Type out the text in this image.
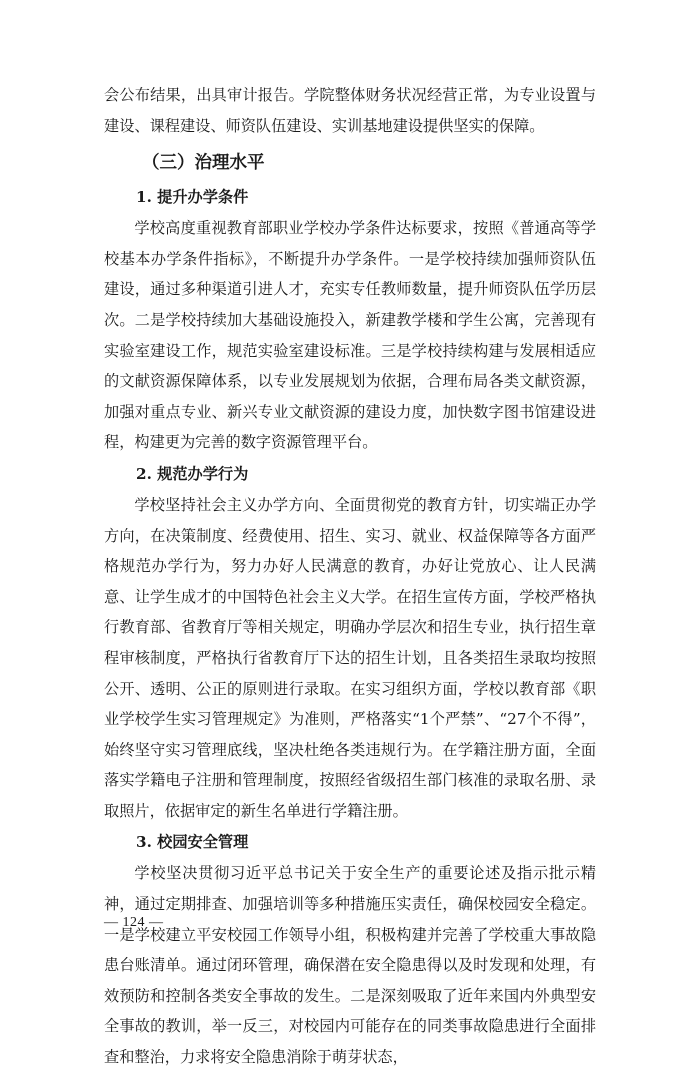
会公布结果，出具审计报告。学院整体财务状况经营正常，为专业设置与建设、课程建设、师资队伍建设、实训基地建设提供坚实的保障。

（三）治理水平
1. 提升办学条件

学校高度重视教育部职业学校办学条件达标要求，按照《普通高等学校基本办学条件指标》，不断提升办学条件。一是学校持续加强师资队伍建设，通过多种渠道引进人才，充实专任教师数量，提升师资队伍学历层次。二是学校持续加大基础设施投入，新建教学楼和学生公寓，完善现有实验室建设工作，规范实验室建设标准。三是学校持续构建与发展相适应的文献资源保障体系，以专业发展规划为依据，合理布局各类文献资源，加强对重点专业、新兴专业文献资源的建设力度，加快数字图书馆建设进程，构建更为完善的数字资源管理平台。

2. 规范办学行为

学校坚持社会主义办学方向、全面贯彻党的教育方针，切实端正办学方向，在决策制度、经费使用、招生、实习、就业、权益保障等各方面严格规范办学行为，努力办好人民满意的教育，办好让党放心、让人民满意、让学生成才的中国特色社会主义大学。在招生宣传方面，学校严格执行教育部、省教育厅等相关规定，明确办学层次和招生专业，执行招生章程审核制度，严格执行省教育厅下达的招生计划，且各类招生录取均按照公开、透明、公正的原则进行录取。在实习组织方面，学校以教育部《职业学校学生实习管理规定》为准则，严格落实“1个严禁”、“27个不得”，始终坚守实习管理底线，坚决杜绝各类违规行为。在学籍注册方面，全面落实学籍电子注册和管理制度，按照经省级招生部门核准的录取名册、录取照片，依据审定的新生名单进行学籍注册。

3. 校园安全管理

学校坚决贯彻习近平总书记关于安全生产的重要论述及指示批示精神，通过定期排查、加强培训等多种措施压实责任，确保校园安全稳定。一是学校建立平安校园工作领导小组，积极构建并完善了学校重大事故隐患台账清单。通过闭环管理，确保潜在安全隐患得以及时发现和处理，有效预防和控制各类安全事故的发生。二是深刻吸取了近年来国内外典型安全事故的教训，举一反三，对校园内可能存在的同类事故隐患进行全面排查和整治，力求将安全隐患消除于萌芽状态，

— 124 —
